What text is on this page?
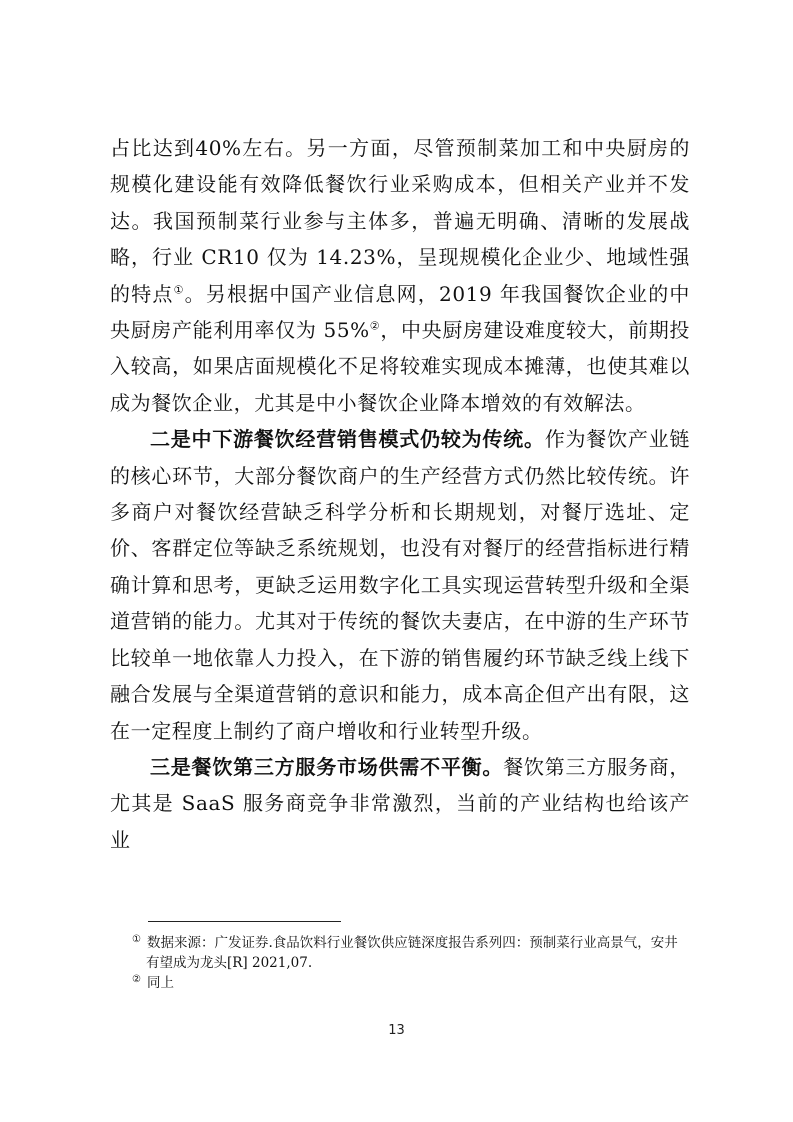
占比达到40%左右。另一方面，尽管预制菜加工和中央厨房的规模化建设能有效降低餐饮行业采购成本，但相关产业并不发达。我国预制菜行业参与主体多，普遍无明确、清晰的发展战略，行业 CR10 仅为 14.23%，呈现规模化企业少、地域性强的特点①。另根据中国产业信息网，2019 年我国餐饮企业的中央厨房产能利用率仅为 55%②，中央厨房建设难度较大，前期投入较高，如果店面规模化不足将较难实现成本摊薄，也使其难以成为餐饮企业，尤其是中小餐饮企业降本增效的有效解法。

二是中下游餐饮经营销售模式仍较为传统。作为餐饮产业链的核心环节，大部分餐饮商户的生产经营方式仍然比较传统。许多商户对餐饮经营缺乏科学分析和长期规划，对餐厅选址、定价、客群定位等缺乏系统规划，也没有对餐厅的经营指标进行精确计算和思考，更缺乏运用数字化工具实现运营转型升级和全渠道营销的能力。尤其对于传统的餐饮夫妻店，在中游的生产环节比较单一地依靠人力投入，在下游的销售履约环节缺乏线上线下融合发展与全渠道营销的意识和能力，成本高企但产出有限，这在一定程度上制约了商户增收和行业转型升级。

三是餐饮第三方服务市场供需不平衡。餐饮第三方服务商，尤其是 SaaS 服务商竞争非常激烈，当前的产业结构也给该产业

① 数据来源：广发证券.食品饮料行业餐饮供应链深度报告系列四：预制菜行业高景气，安井有望成为龙头[R] 2021,07.

② 同上

13
